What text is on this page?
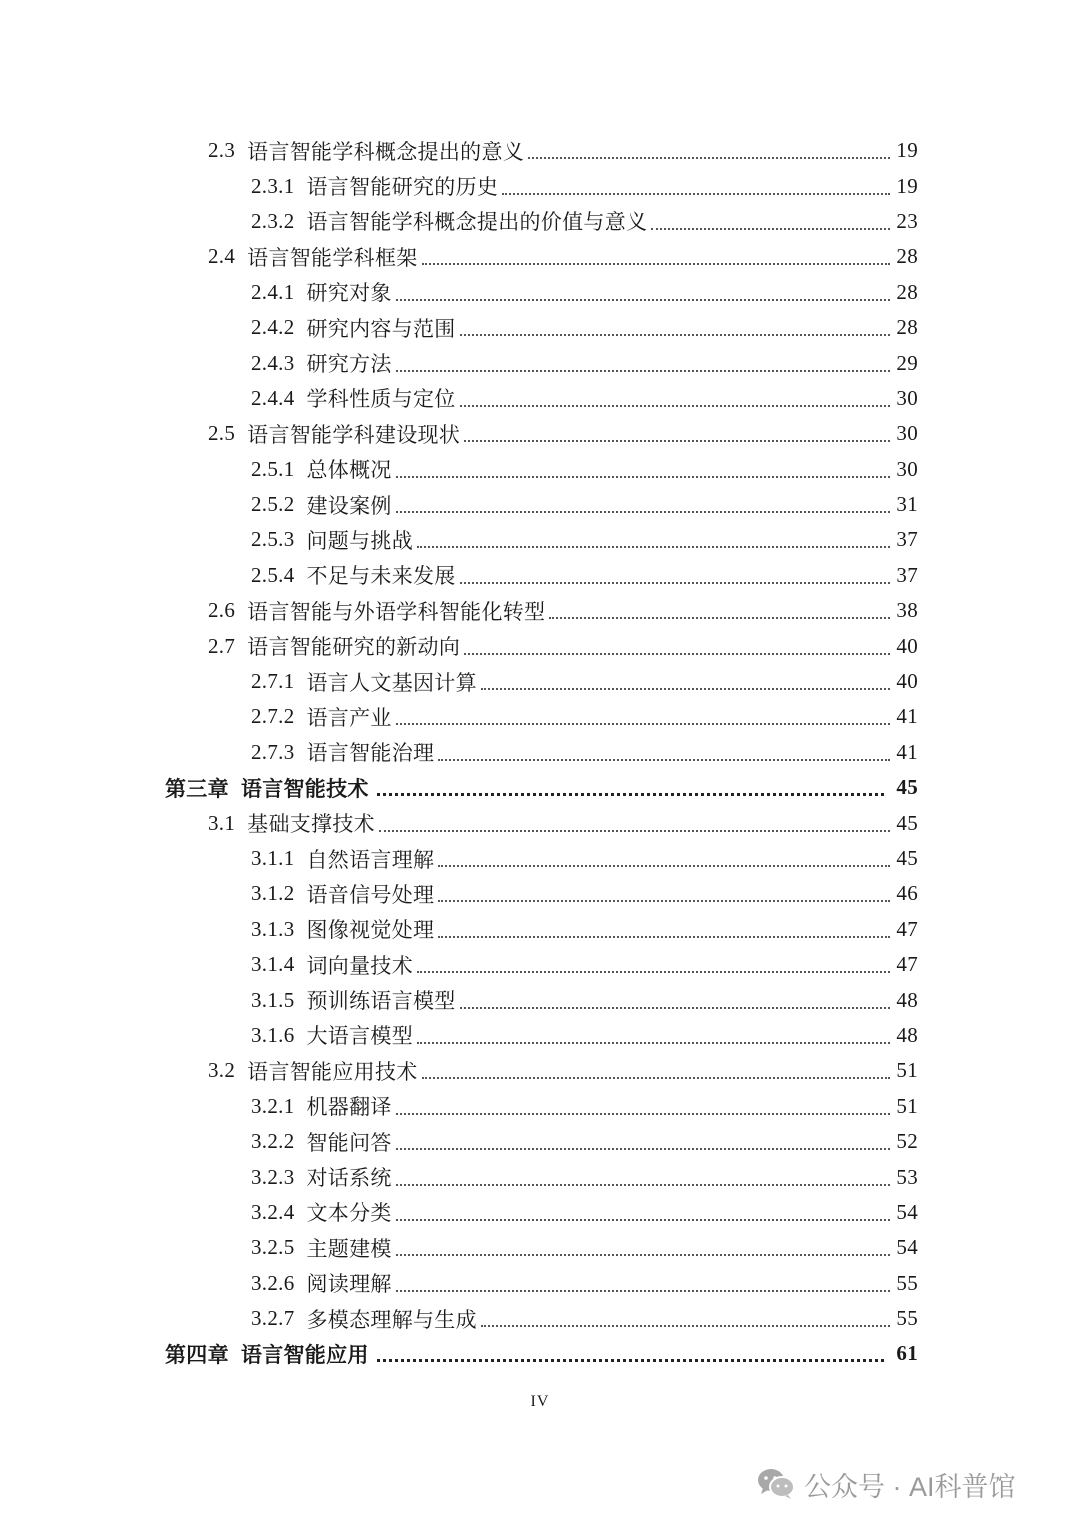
2.3 语言智能学科概念提出的意义	19
2.3.1 语言智能研究的历史	19
2.3.2 语言智能学科概念提出的价值与意义	23
2.4 语言智能学科框架	28
2.4.1 研究对象	28
2.4.2 研究内容与范围	28
2.4.3 研究方法	29
2.4.4 学科性质与定位	30
2.5 语言智能学科建设现状	30
2.5.1 总体概况	30
2.5.2 建设案例	31
2.5.3 问题与挑战	37
2.5.4 不足与未来发展	37
2.6 语言智能与外语学科智能化转型	38
2.7 语言智能研究的新动向	40
2.7.1 语言人文基因计算	40
2.7.2 语言产业	41
2.7.3 语言智能治理	41
第三章 语言智能技术	45
3.1 基础支撑技术	45
3.1.1 自然语言理解	45
3.1.2 语音信号处理	46
3.1.3 图像视觉处理	47
3.1.4 词向量技术	47
3.1.5 预训练语言模型	48
3.1.6 大语言模型	48
3.2 语言智能应用技术	51
3.2.1 机器翻译	51
3.2.2 智能问答	52
3.2.3 对话系统	53
3.2.4 文本分类	54
3.2.5 主题建模	54
3.2.6 阅读理解	55
3.2.7 多模态理解与生成	55
第四章 语言智能应用	61
IV
公众号 · AI科普馆
